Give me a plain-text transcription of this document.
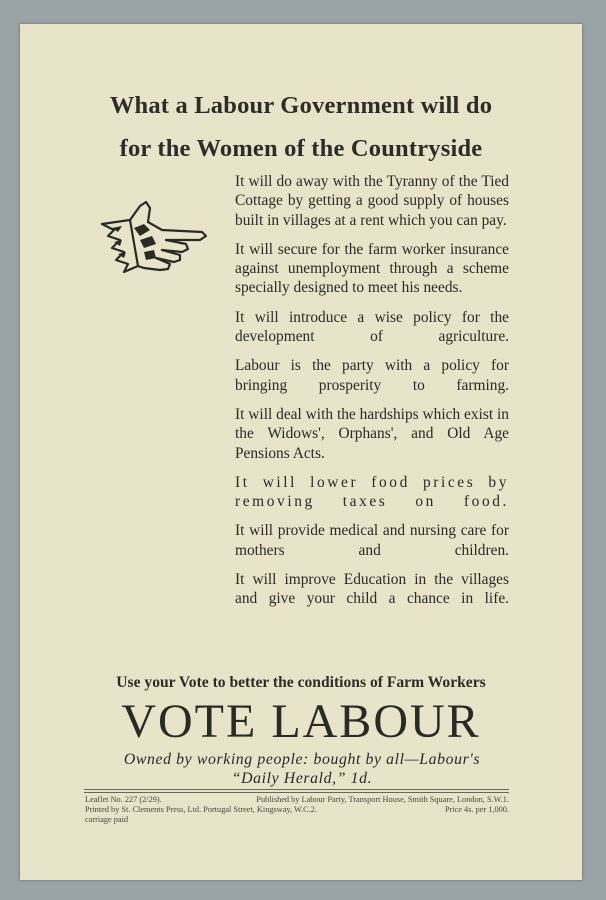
What a Labour Government will do
for the Women of the Countryside

It will do away with the Tyranny of the Tied Cottage by getting a good supply of houses built in villages at a rent which you can pay.

It will secure for the farm worker insurance against unemployment through a scheme specially designed to meet his needs.

It will introduce a wise policy for the development of agriculture.

Labour is the party with a policy for bringing prosperity to farming.

It will deal with the hardships which exist in the Widows', Orphans', and Old Age Pensions Acts.

It will lower food prices by removing taxes on food.

It will provide medical and nursing care for mothers and children.

It will improve Education in the villages and give your child a chance in life.

Use your Vote to better the conditions of Farm Workers
VOTE LABOUR
Owned by working people: bought by all—Labour's
“Daily Herald,” 1d.
Leaflet No. 227 (2/29).	Published by Labour Party, Transport House, Smith Square, London, S.W.1.
Printed by St. Clements Press, Ltd. Portugal Street, Kingsway, W.C.2.	Price 4s. per 1,000.
carriage paid
